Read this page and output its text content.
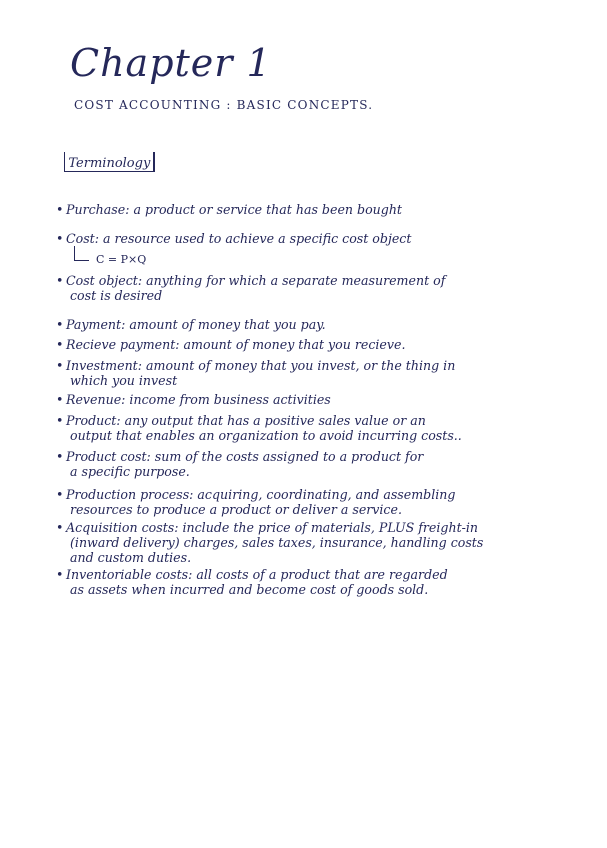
Chapter 1
COST ACCOUNTING : BASIC CONCEPTS.
Terminology
• Purchase: a product or service that has been bought
• Cost: a resource used to achieve a specific cost object
• Cost object: anything for which a separate measurement of
cost is desired
• Payment: amount of money that you pay.
• Recieve payment: amount of money that you recieve.
• Investment: amount of money that you invest, or the thing in
which you invest
• Revenue: income from business activities
• Product: any output that has a positive sales value or an
output that enables an organization to avoid incurring costs..
• Product cost: sum of the costs assigned to a product for
a specific purpose.
• Production process: acquiring, coordinating, and assembling
resources to produce a product or deliver a service.
• Acquisition costs: include the price of materials, PLUS freight-in
(inward delivery) charges, sales taxes, insurance, handling costs
and custom duties.
• Inventoriable costs: all costs of a product that are regarded
as assets when incurred and become cost of goods sold.
C = P×Q
